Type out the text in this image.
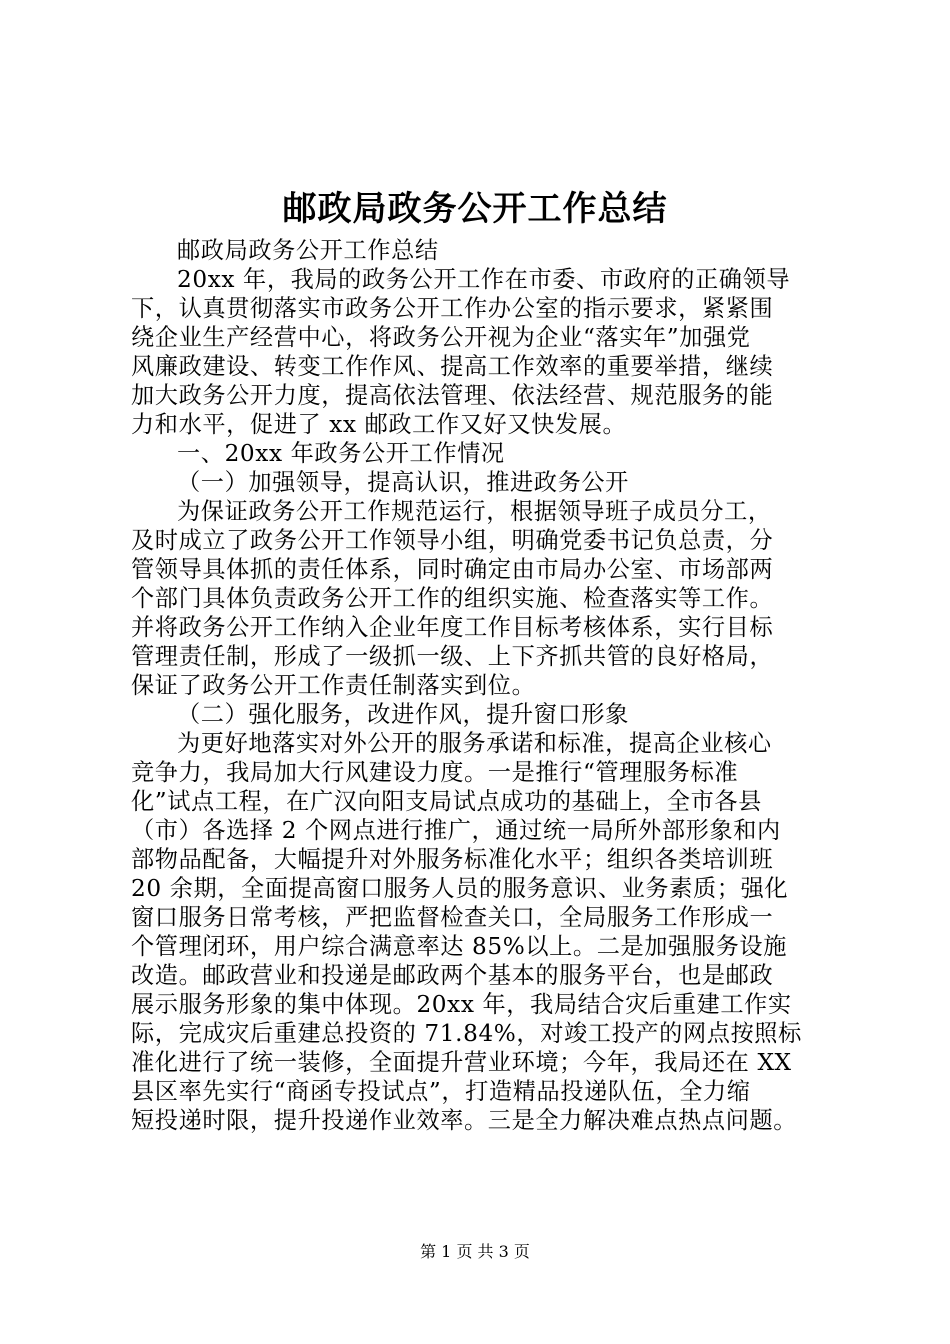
邮政局政务公开工作总结
邮政局政务公开工作总结
20xx 年，我局的政务公开工作在市委、市政府的正确领导
下，认真贯彻落实市政务公开工作办公室的指示要求，紧紧围
绕企业生产经营中心，将政务公开视为企业“落实年”加强党
风廉政建设、转变工作作风、提高工作效率的重要举措，继续
加大政务公开力度，提高依法管理、依法经营、规范服务的能
力和水平，促进了 xx 邮政工作又好又快发展。
一、20xx 年政务公开工作情况
（一）加强领导，提高认识，推进政务公开
为保证政务公开工作规范运行，根据领导班子成员分工，
及时成立了政务公开工作领导小组，明确党委书记负总责，分
管领导具体抓的责任体系，同时确定由市局办公室、市场部两
个部门具体负责政务公开工作的组织实施、检查落实等工作。
并将政务公开工作纳入企业年度工作目标考核体系，实行目标
管理责任制，形成了一级抓一级、上下齐抓共管的良好格局，
保证了政务公开工作责任制落实到位。
（二）强化服务，改进作风，提升窗口形象
为更好地落实对外公开的服务承诺和标准，提高企业核心
竞争力，我局加大行风建设力度。一是推行“管理服务标准
化”试点工程，在广汉向阳支局试点成功的基础上，全市各县
（市）各选择 2 个网点进行推广，通过统一局所外部形象和内
部物品配备，大幅提升对外服务标准化水平；组织各类培训班
20 余期，全面提高窗口服务人员的服务意识、业务素质；强化
窗口服务日常考核，严把监督检查关口，全局服务工作形成一
个管理闭环，用户综合满意率达 85%以上。二是加强服务设施
改造。邮政营业和投递是邮政两个基本的服务平台，也是邮政
展示服务形象的集中体现。20xx 年，我局结合灾后重建工作实
际，完成灾后重建总投资的 71.84%，对竣工投产的网点按照标
准化进行了统一装修，全面提升营业环境；今年，我局还在 XX
县区率先实行“商函专投试点”，打造精品投递队伍，全力缩
短投递时限，提升投递作业效率。三是全力解决难点热点问题。
第 1 页 共 3 页
